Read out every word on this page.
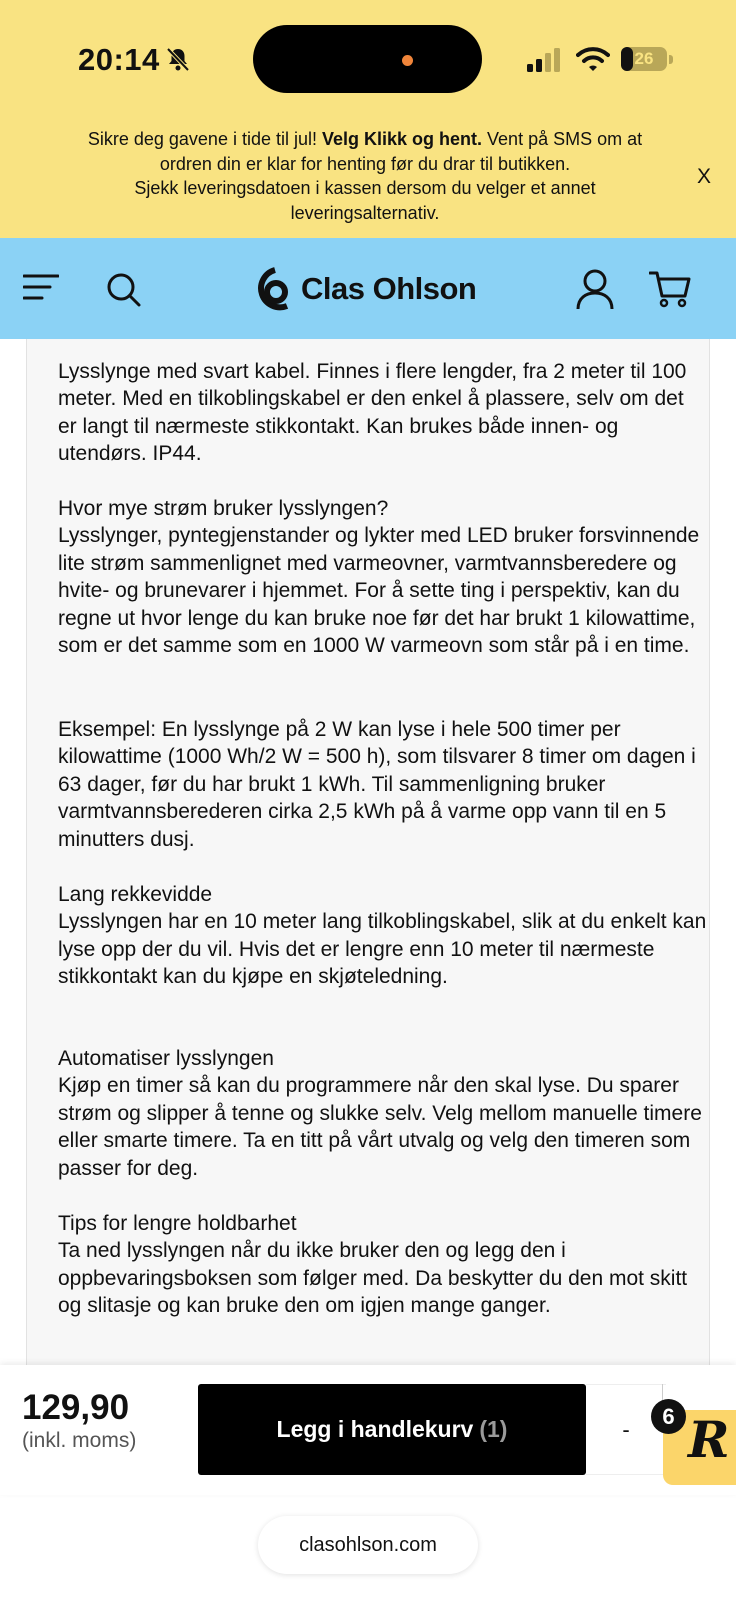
20:14	26
Sikre deg gavene i tide til jul! Velg Klikk og hent. Vent på SMS om at ordren din er klar for henting før du drar til butikken.
Sjekk leveringsdatoen i kassen dersom du velger et annet leveringsalternativ.
X
Clas Ohlson
Lysslynge med svart kabel. Finnes i flere lengder, fra 2 meter til 100 meter. Med en tilkoblingskabel er den enkel å plassere, selv om det er langt til nærmeste stikkontakt. Kan brukes både innen- og utendørs. IP44.
Hvor mye strøm bruker lysslyngen?
Lysslynger, pyntegjenstander og lykter med LED bruker forsvinnende lite strøm sammenlignet med varmeovner, varmtvannsberedere og hvite- og brunevarer i hjemmet. For å sette ting i perspektiv, kan du regne ut hvor lenge du kan bruke noe før det har brukt 1 kilowattime, som er det samme som en 1000 W varmeovn som står på i en time.
Eksempel: En lysslynge på 2 W kan lyse i hele 500 timer per kilowattime (1000 Wh/2 W = 500 h), som tilsvarer 8 timer om dagen i 63 dager, før du har brukt 1 kWh. Til sammenligning bruker varmtvannsberederen cirka 2,5 kWh på å varme opp vann til en 5 minutters dusj.
Lang rekkevidde
Lysslyngen har en 10 meter lang tilkoblingskabel, slik at du enkelt kan lyse opp der du vil. Hvis det er lengre enn 10 meter til nærmeste stikkontakt kan du kjøpe en skjøteledning.
Automatiser lysslyngen
Kjøp en timer så kan du programmere når den skal lyse. Du sparer strøm og slipper å tenne og slukke selv. Velg mellom manuelle timere eller smarte timere. Ta en titt på vårt utvalg og velg den timeren som passer for deg.
Tips for lengre holdbarhet
Ta ned lysslyngen når du ikke bruker den og legg den i oppbevaringsboksen som følger med. Da beskytter du den mot skitt og slitasje og kan bruke den om igjen mange ganger.
129,90
(inkl. moms)	Legg i handlekurv (1)	- R
6
clasohlson.com
